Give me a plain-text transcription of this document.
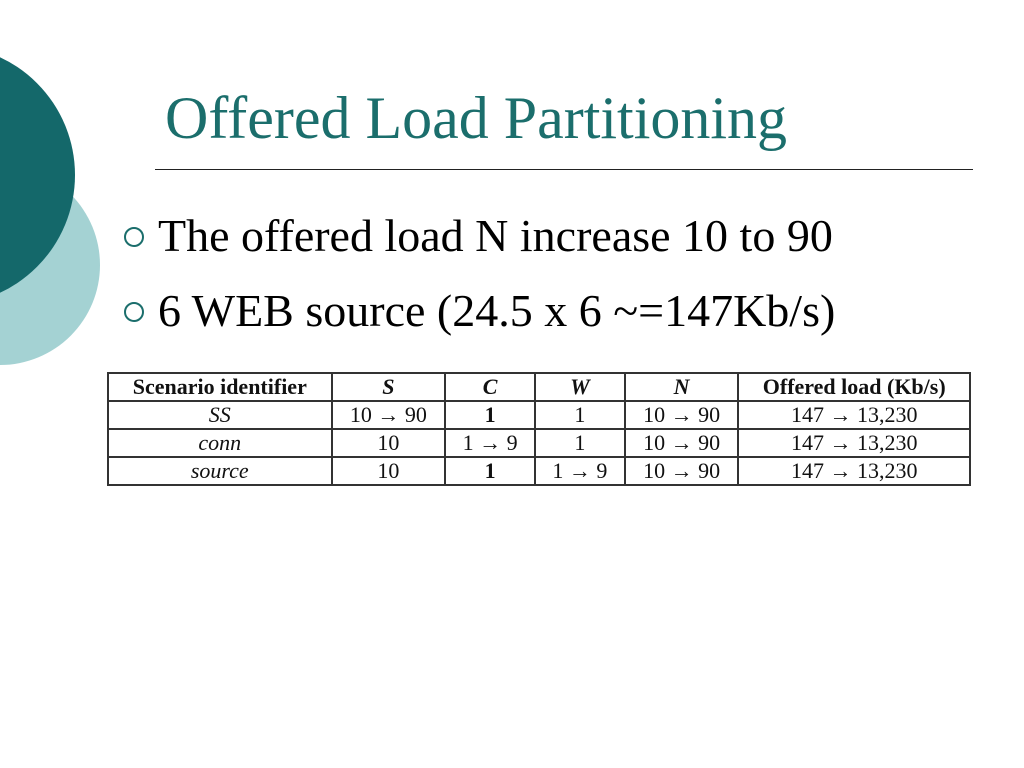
Offered Load Partitioning
The offered load N increase 10 to 90
6 WEB source (24.5 x 6 ~=147Kb/s)
Scenario identifier	S	C	W	N	Offered load (Kb/s)
SS	10 → 90	1	1	10 → 90	147 → 13,230
conn	10	1 → 9	1	10 → 90	147 → 13,230
source	10	1	1 → 9	10 → 90	147 → 13,230
